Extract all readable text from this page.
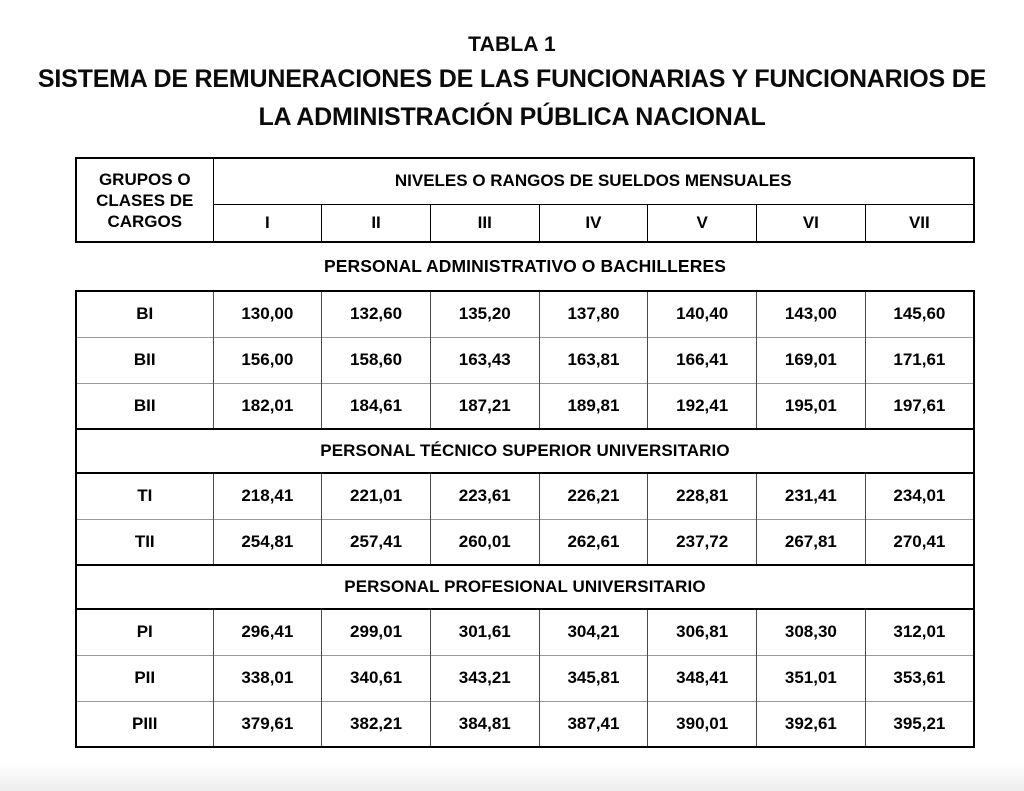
TABLA 1
SISTEMA DE REMUNERACIONES DE LAS FUNCIONARIAS Y FUNCIONARIOS DE
LA ADMINISTRACIÓN PÚBLICA NACIONAL
GRUPOS O CLASES DE CARGOS	NIVELES O RANGOS DE SUELDOS MENSUALES						
	I	II	III	IV	V	VI	VII
PERSONAL ADMINISTRATIVO O BACHILLERES
BI	130,00	132,60	135,20	137,80	140,40	143,00	145,60
BII	156,00	158,60	163,43	163,81	166,41	169,01	171,61
BII	182,01	184,61	187,21	189,81	192,41	195,01	197,61
PERSONAL TÉCNICO SUPERIOR UNIVERSITARIO							
TI	218,41	221,01	223,61	226,21	228,81	231,41	234,01
TII	254,81	257,41	260,01	262,61	237,72	267,81	270,41
PERSONAL PROFESIONAL UNIVERSITARIO							
PI	296,41	299,01	301,61	304,21	306,81	308,30	312,01
PII	338,01	340,61	343,21	345,81	348,41	351,01	353,61
PIII	379,61	382,21	384,81	387,41	390,01	392,61	395,21
